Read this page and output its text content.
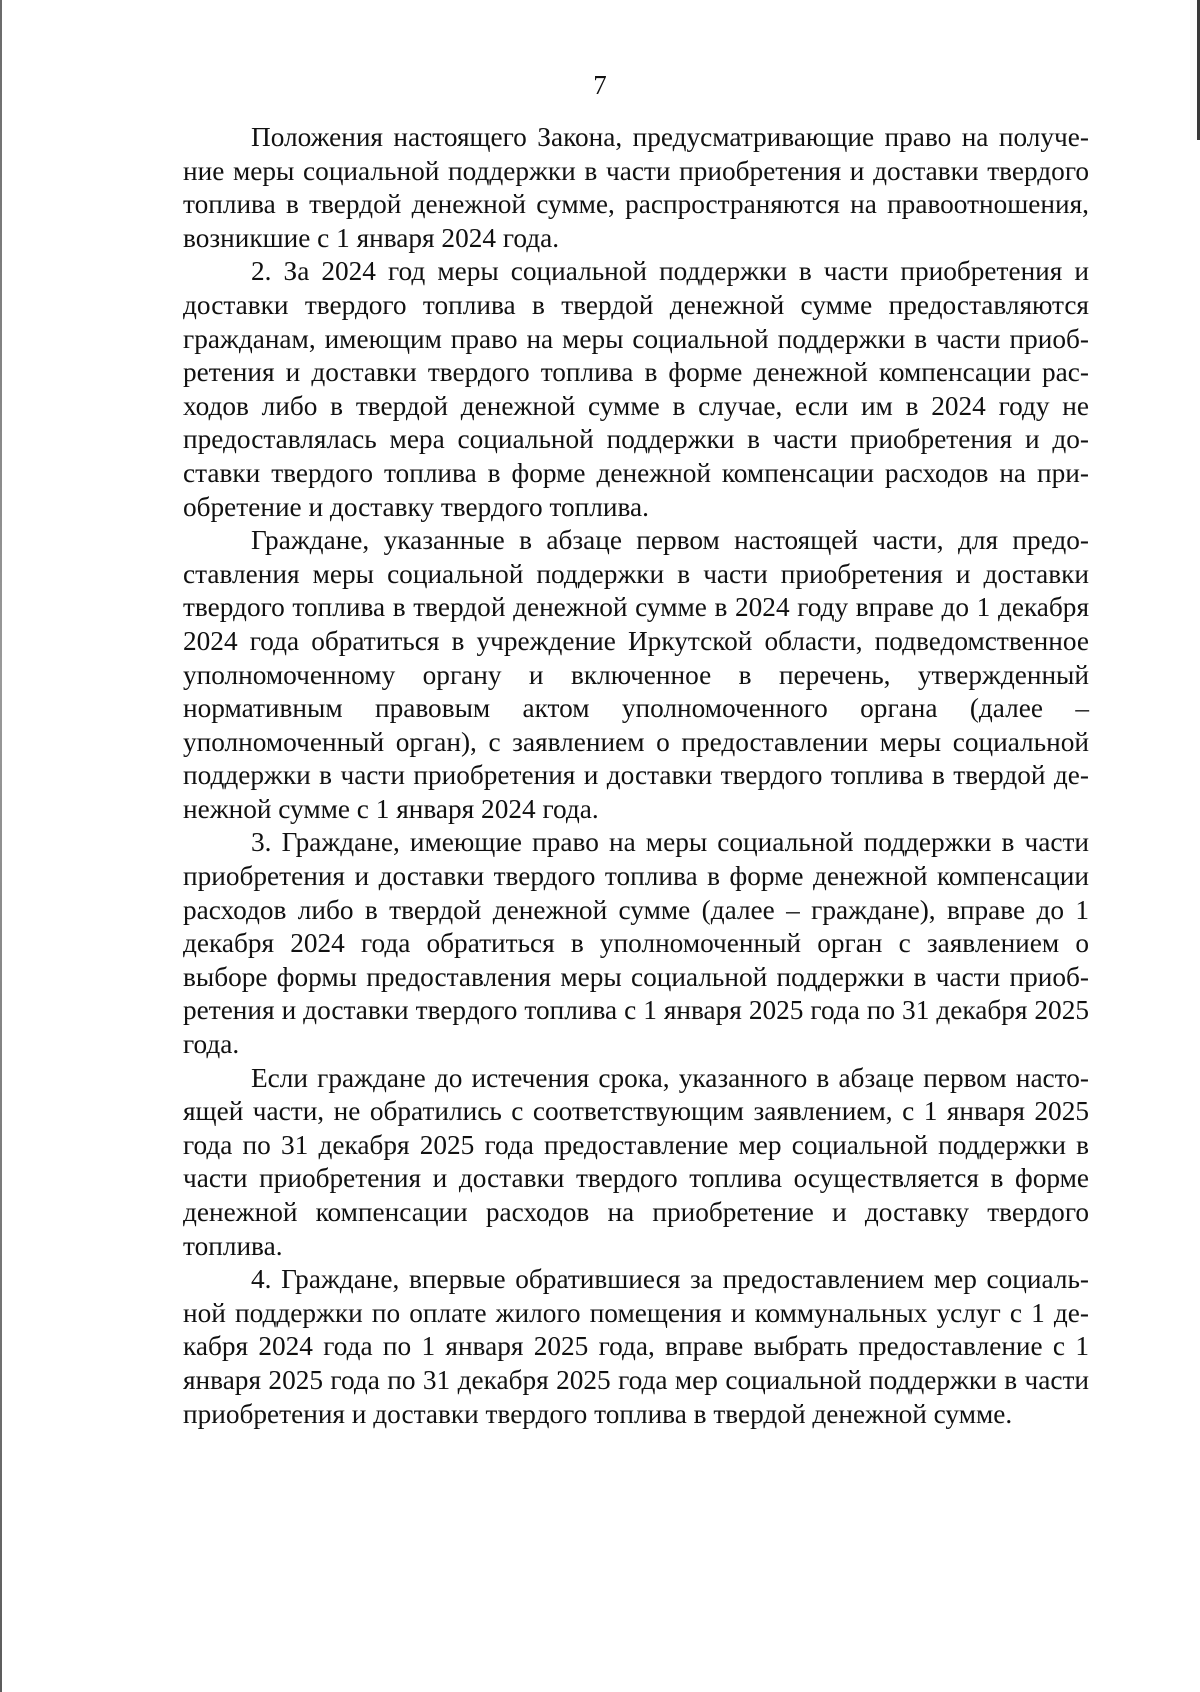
7

Положения настоящего Закона, предусматривающие право на получение меры социальной поддержки в части приобретения и доставки твердого топлива в твердой денежной сумме, распространяются на правоотношения, возникшие с 1 января 2024 года.

2. За 2024 год меры социальной поддержки в части приобретения и доставки твердого топлива в твердой денежной сумме предоставляются гражданам, имеющим право на меры социальной поддержки в части приобретения и доставки твердого топлива в форме денежной компенсации расходов либо в твердой денежной сумме в случае, если им в 2024 году не предоставлялась мера социальной поддержки в части приобретения и доставки твердого топлива в форме денежной компенсации расходов на приобретение и доставку твердого топлива.

Граждане, указанные в абзаце первом настоящей части, для предоставления меры социальной поддержки в части приобретения и доставки твердого топлива в твердой денежной сумме в 2024 году вправе до 1 декабря 2024 года обратиться в учреждение Иркутской области, подведомственное уполномоченному органу и включенное в перечень, утвержденный нормативным правовым актом уполномоченного органа (далее – уполномоченный орган), с заявлением о предоставлении меры социальной поддержки в части приобретения и доставки твердого топлива в твердой денежной сумме с 1 января 2024 года.

3. Граждане, имеющие право на меры социальной поддержки в части приобретения и доставки твердого топлива в форме денежной компенсации расходов либо в твердой денежной сумме (далее – граждане), вправе до 1 декабря 2024 года обратиться в уполномоченный орган с заявлением о выборе формы предоставления меры социальной поддержки в части приобретения и доставки твердого топлива с 1 января 2025 года по 31 декабря 2025 года.

Если граждане до истечения срока, указанного в абзаце первом настоящей части, не обратились с соответствующим заявлением, с 1 января 2025 года по 31 декабря 2025 года предоставление мер социальной поддержки в части приобретения и доставки твердого топлива осуществляется в форме денежной компенсации расходов на приобретение и доставку твердого топлива.

4. Граждане, впервые обратившиеся за предоставлением мер социальной поддержки по оплате жилого помещения и коммунальных услуг с 1 декабря 2024 года по 1 января 2025 года, вправе выбрать предоставление с 1 января 2025 года по 31 декабря 2025 года мер социальной поддержки в части приобретения и доставки твердого топлива в твердой денежной сумме.
